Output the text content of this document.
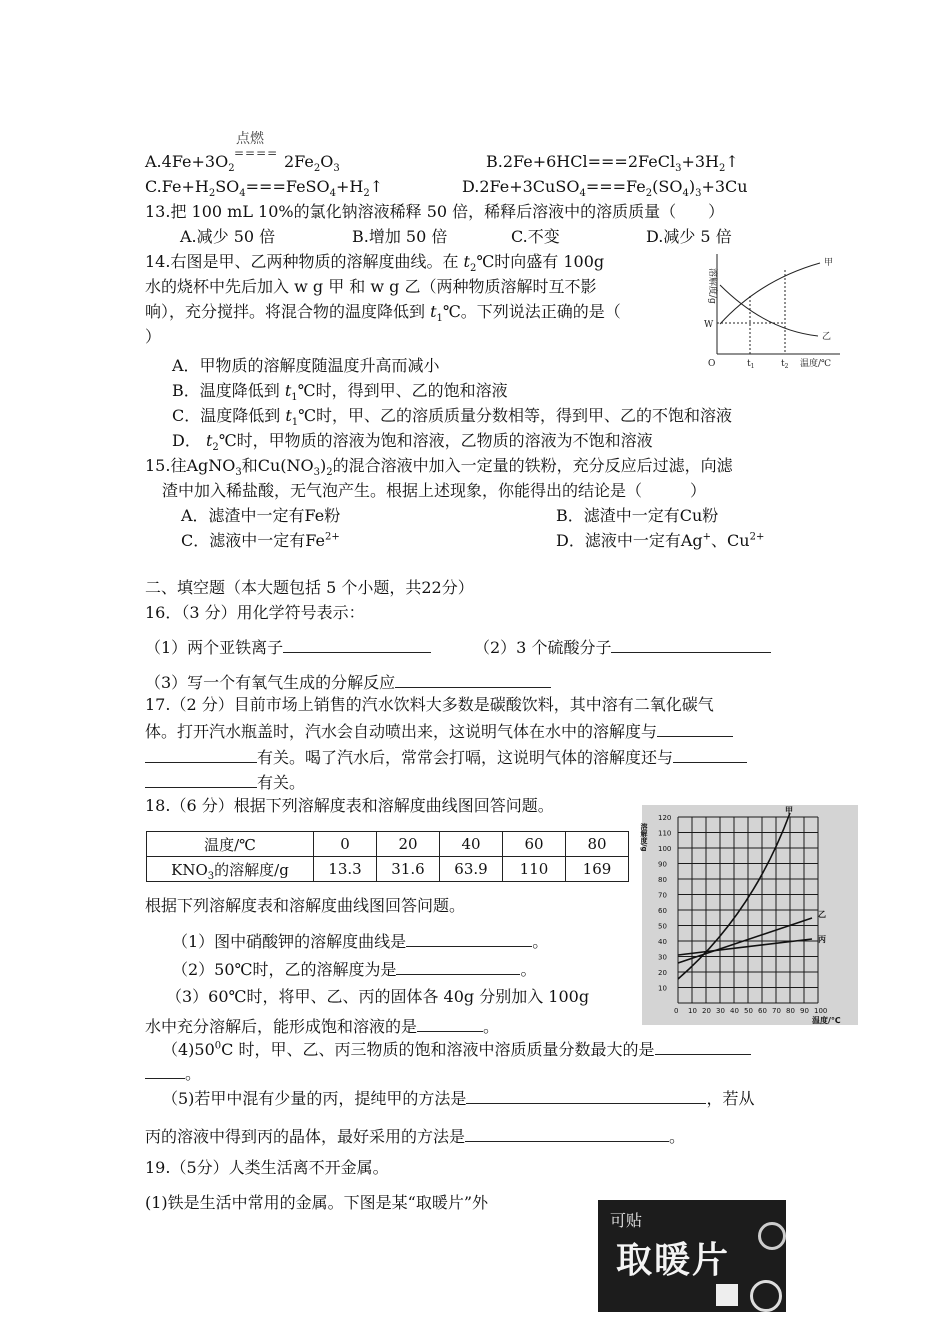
$A.4Fe+3O_2$
点燃
==== $2Fe_2O_3$	$B.2Fe+6HCl===2FeCl_3+3H_2↑$
$C.Fe+H_2SO_4===FeSO_4+H_2↑$	$D.2Fe+3CuSO_4===Fe_2(SO_4)_3+3Cu$
13.把 100 mL 10%的氯化钠溶液稀释 50 倍，稀释后溶液中的溶质质量（　　）
A.减少 50 倍	B.增加 50 倍	C.不变	D.减少 5 倍
14.右图是甲、乙两种物质的溶解度曲线。在 $t_2℃$时向盛有 100g
水的烧杯中先后加入 w g 甲 和 w g 乙（两种物质溶解时互不影
响），充分搅拌。将混合物的温度降低到 $t_1℃$。下列说法正确的是（
）
A．甲物质的溶解度随温度升高而减小
B．温度降低到 $t_1℃$时，得到甲、乙的饱和溶液
C．温度降低到 $t_1℃$时，甲、乙的溶质质量分数相等，得到甲、乙的不饱和溶液
D． $t_2℃$时，甲物质的溶液为饱和溶液，乙物质的溶液为不饱和溶液
溶解度/g
W
O	$t_1$	$t_2$ 温度/℃
甲
乙
15.往AgNO$_3$和$Cu(NO_3)_2$的混合溶液中加入一定量的铁粉，充分反应后过滤，向滤
渣中加入稀盐酸，无气泡产生。根据上述现象，你能得出的结论是（　　　）
A．滤渣中一定有Fe粉	B．滤渣中一定有Cu粉
C．滤液中一定有$Fe^{2+}$	D．滤液中一定有Ag+、$Cu^{2+}$
二、填空题（本大题包括 5 个小题，共22分）
16．（3 分）用化学符号表示：
（1）两个亚铁离子	（2）3 个硫酸分子
（3）写一个有氧气生成的分解反应
17.（2 分）目前市场上销售的汽水饮料大多数是碳酸饮料，其中溶有二氧化碳气
体。打开汽水瓶盖时，汽水会自动喷出来，这说明气体在水中的溶解度与
有关。喝了汽水后，常常会打嗝，这说明气体的溶解度还与
有关。
18.（6 分）根据下列溶解度表和溶解度曲线图回答问题。
温度/℃	0	20	40	60	80
$KNO_3$的溶解度/g	13.3	31.6	63.9	110	169
根据下列溶解度表和溶解度曲线图回答问题。
（1）图中硝酸钾的溶解度曲线是	。
（2）50℃时，乙的溶解度为是	。
（3）60℃时，将甲、乙、丙的固体各 40g 分别加入 100g
水中充分溶解后，能形成饱和溶液的是	。
$(4)50^0C$ 时，甲、乙、丙三物质的饱和溶液中溶质质量分数最大的是
。
（5)若甲中混有少量的丙，提纯甲的方法是	，若从
丙的溶液中得到丙的晶体，最好采用的方法是	。
甲
乙
丙
温度/℃
溶解度/g
120
110
100
90
80
70
60
50
40
30
20
10
0 10 20 30 40 50 60 70 80 90 100
19.（5分）人类生活离不开金属。
(1)铁是生活中常用的金属。下图是某“取暖片”外
可贴
取暖片
